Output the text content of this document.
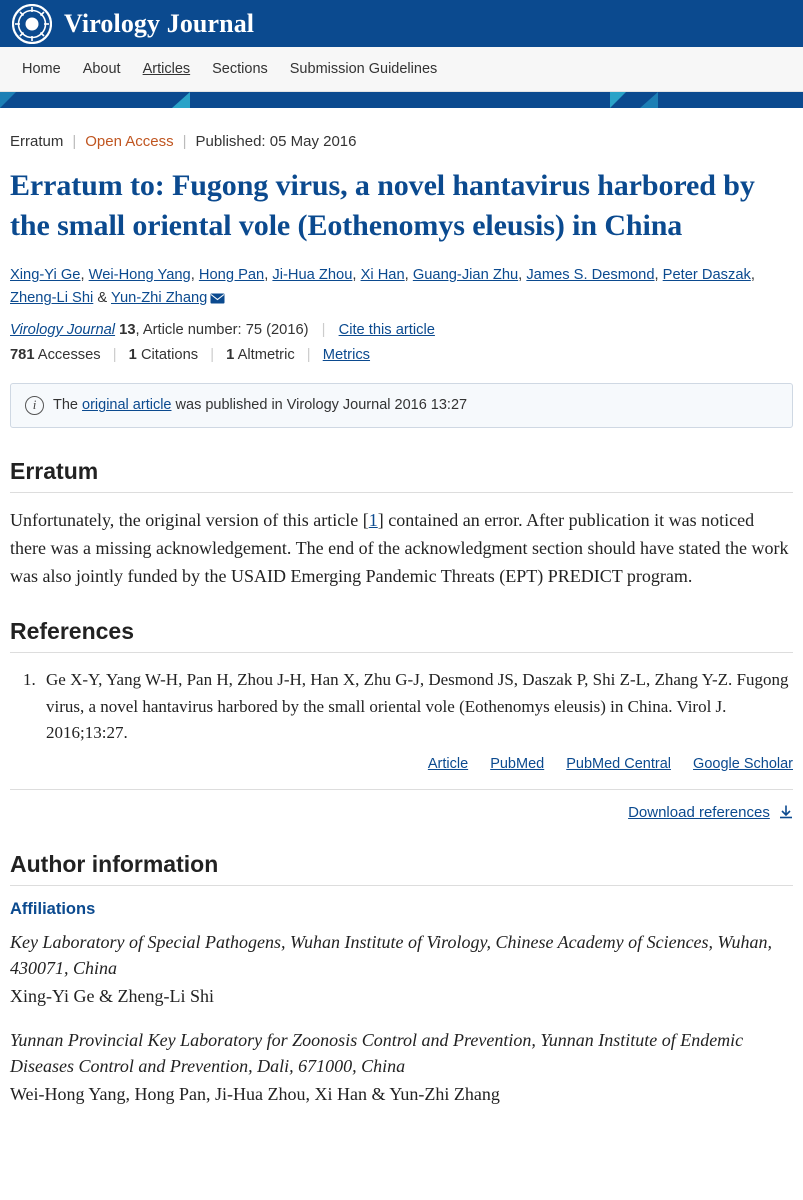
Virology Journal
Home About Articles Sections Submission Guidelines
Erratum | Open Access | Published: 05 May 2016
Erratum to: Fugong virus, a novel hantavirus harbored by the small oriental vole (Eothenomys eleusis) in China
Xing-Yi Ge, Wei-Hong Yang, Hong Pan, Ji-Hua Zhou, Xi Han, Guang-Jian Zhu, James S. Desmond, Peter Daszak, Zheng-Li Shi & Yun-Zhi Zhang
Virology Journal 13, Article number: 75 (2016) | Cite this article
781 Accesses | 1 Citations | 1 Altmetric | Metrics
i	The original article was published in Virology Journal 2016 13:27
Erratum

Unfortunately, the original version of this article [1] contained an error. After publication it was noticed there was a missing acknowledgement. The end of the acknowledgment section should have stated the work was also jointly funded by the USAID Emerging Pandemic Threats (EPT) PREDICT program.

References
1. Ge X-Y, Yang W-H, Pan H, Zhou J-H, Han X, Zhu G-J, Desmond JS, Daszak P, Shi Z-L, Zhang Y-Z. Fugong virus, a novel hantavirus harbored by the small oriental vole (Eothenomys eleusis) in China. Virol J. 2016;13:27.
Article PubMed PubMed Central Google Scholar
Download references
Author information
Affiliations

Key Laboratory of Special Pathogens, Wuhan Institute of Virology, Chinese Academy of Sciences, Wuhan, 430071, China

Xing-Yi Ge & Zheng-Li Shi

Yunnan Provincial Key Laboratory for Zoonosis Control and Prevention, Yunnan Institute of Endemic Diseases Control and Prevention, Dali, 671000, China

Wei-Hong Yang, Hong Pan, Ji-Hua Zhou, Xi Han & Yun-Zhi Zhang
